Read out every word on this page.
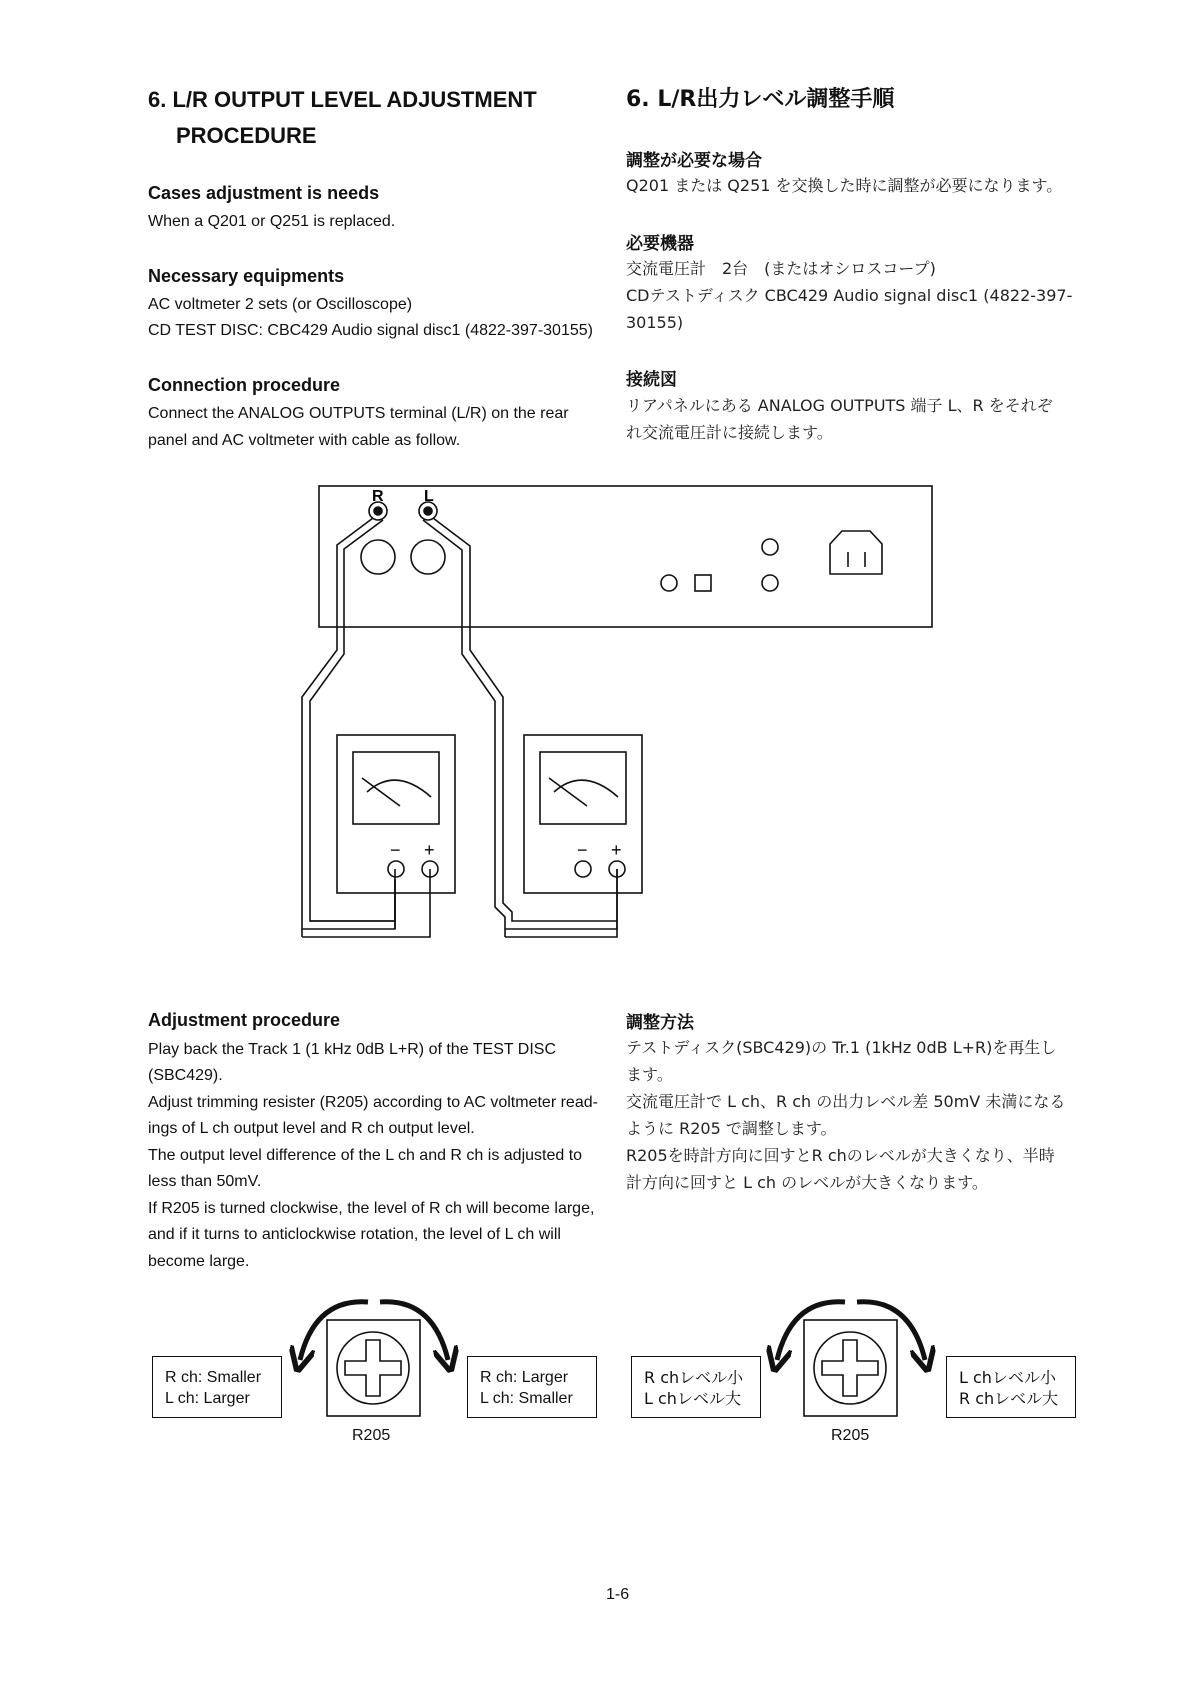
6. L/R OUTPUT LEVEL ADJUSTMENT
PROCEDURE
Cases adjustment is needs
When a Q201 or Q251 is replaced.
Necessary equipments
AC voltmeter 2 sets (or Oscilloscope)
CD TEST DISC: CBC429 Audio signal disc1 (4822-397-30155)
Connection procedure
Connect the ANALOG OUTPUTS terminal (L/R) on the rear
panel and AC voltmeter with cable as follow.
6. L/R出力レベル調整手順
調整が必要な場合
Q201 または Q251 を交換した時に調整が必要になります。
必要機器
交流電圧計　2台　(またはオシロスコープ)
CDテストディスク CBC429 Audio signal disc1 (4822-397-
30155)
接続図
リアパネルにある ANALOG OUTPUTS 端子 L、R をそれぞ
れ交流電圧計に接続します。
R	L
− +	− +
Adjustment procedure
Play back the Track 1 (1 kHz 0dB L+R) of the TEST DISC
(SBC429).
Adjust trimming resister (R205) according to AC voltmeter read-
ings of L ch output level and R ch output level.
The output level difference of the L ch and R ch is adjusted to
less than 50mV.
If R205 is turned clockwise, the level of R ch will become large,
and if it turns to anticlockwise rotation, the level of L ch will
become large.
調整方法
テストディスク(SBC429)の Tr.1 (1kHz 0dB L+R)を再生し
ます。
交流電圧計で L ch、R ch の出力レベル差 50mV 未満になる
ように R205 で調整します。
R205を時計方向に回すとR chのレベルが大きくなり、半時
計方向に回すと L ch のレベルが大きくなります。
R ch: Smaller
L ch: Larger
R ch: Larger
L ch: Smaller
R205
R chレベル小
L chレベル大
L chレベル小
R chレベル大
R205
1-6
